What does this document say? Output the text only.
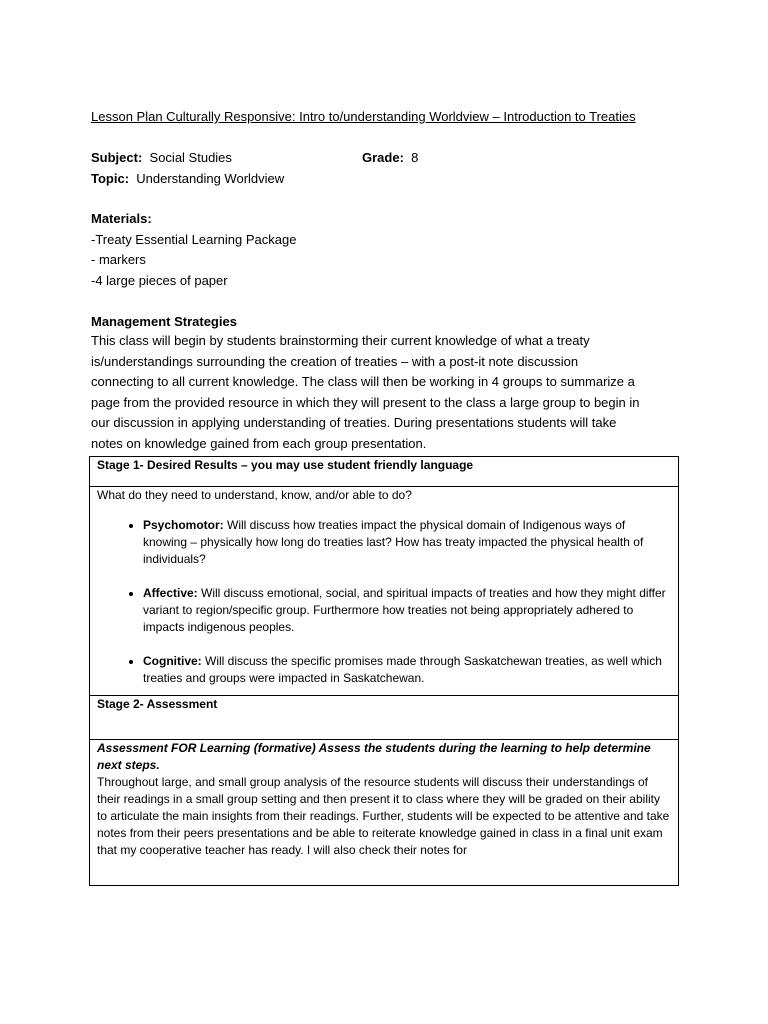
Lesson Plan Culturally Responsive: Intro to/understanding Worldview – Introduction to Treaties
Subject: Social Studies	Grade: 8
Topic: Understanding Worldview
Materials:
-Treaty Essential Learning Package
- markers
-4 large pieces of paper
Management Strategies
This class will begin by students brainstorming their current knowledge of what a treaty
is/understandings surrounding the creation of treaties – with a post-it note discussion
connecting to all current knowledge. The class will then be working in 4 groups to summarize a
page from the provided resource in which they will present to the class a large group to begin in
our discussion in applying understanding of treaties. During presentations students will take
notes on knowledge gained from each group presentation.
Stage 1- Desired Results – you may use student friendly language

What do they need to understand, know, and/or able to do?
• Psychomotor: Will discuss how treaties impact the physical domain of Indigenous ways of knowing – physically how long do treaties last? How has treaty impacted the physical health of individuals?
• Affective: Will discuss emotional, social, and spiritual impacts of treaties and how they might differ variant to region/specific group. Furthermore how treaties not being appropriately adhered to impacts indigenous peoples.
• Cognitive: Will discuss the specific promises made through Saskatchewan treaties, as well which treaties and groups were impacted in Saskatchewan.

Stage 2- Assessment

Assessment FOR Learning (formative) Assess the students during the learning to help determine next steps.
Throughout large, and small group analysis of the resource students will discuss their understandings of their readings in a small group setting and then present it to class where they will be graded on their ability to articulate the main insights from their readings. Further, students will be expected to be attentive and take notes from their peers presentations and be able to reiterate knowledge gained in class in a final unit exam that my cooperative teacher has ready. I will also check their notes for
